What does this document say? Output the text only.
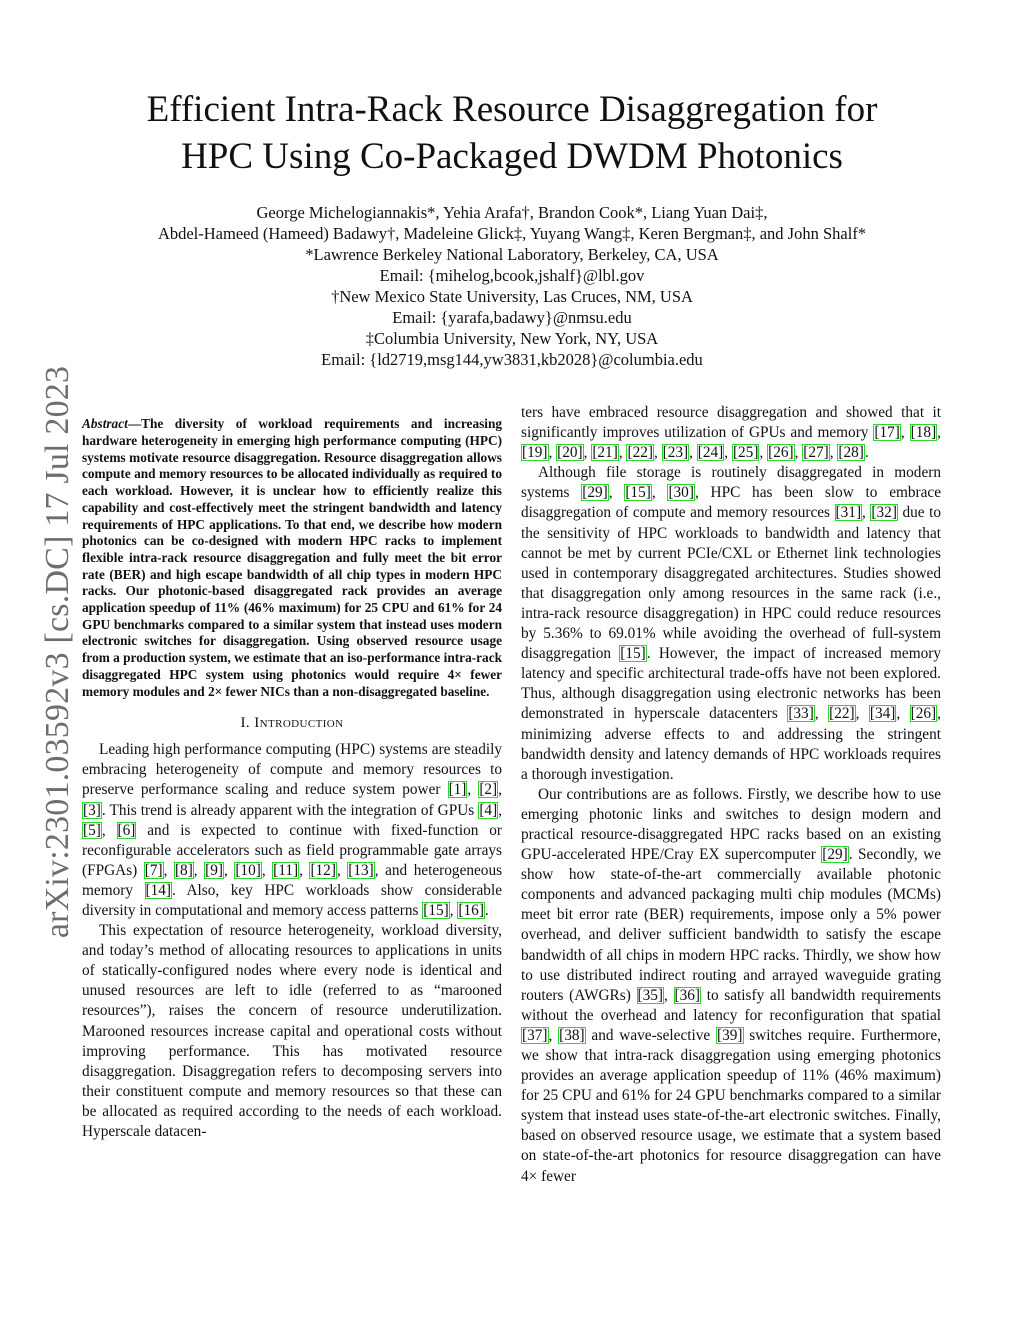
arXiv:2301.03592v3 [cs.DC] 17 Jul 2023
Efficient Intra-Rack Resource Disaggregation for
HPC Using Co-Packaged DWDM Photonics
George Michelogiannakis*, Yehia Arafa†, Brandon Cook*, Liang Yuan Dai‡,
Abdel-Hameed (Hameed) Badawy†, Madeleine Glick‡, Yuyang Wang‡, Keren Bergman‡, and John Shalf*
*Lawrence Berkeley National Laboratory, Berkeley, CA, USA
Email: {mihelog,bcook,jshalf}@lbl.gov
†New Mexico State University, Las Cruces, NM, USA
Email: {yarafa,badawy}@nmsu.edu
‡Columbia University, New York, NY, USA
Email: {ld2719,msg144,yw3831,kb2028}@columbia.edu

Abstract—The diversity of workload requirements and increasing hardware heterogeneity in emerging high performance computing (HPC) systems motivate resource disaggregation. Resource disaggregation allows compute and memory resources to be allocated individually as required to each workload. However, it is unclear how to efficiently realize this capability and cost-effectively meet the stringent bandwidth and latency requirements of HPC applications. To that end, we describe how modern photonics can be co-designed with modern HPC racks to implement flexible intra-rack resource disaggregation and fully meet the bit error rate (BER) and high escape bandwidth of all chip types in modern HPC racks. Our photonic-based disaggregated rack provides an average application speedup of 11% (46% maximum) for 25 CPU and 61% for 24 GPU benchmarks compared to a similar system that instead uses modern electronic switches for disaggregation. Using observed resource usage from a production system, we estimate that an iso-performance intra-rack disaggregated HPC system using photonics would require 4× fewer memory modules and 2× fewer NICs than a non-disaggregated baseline.

I. Introduction

Leading high performance computing (HPC) systems are steadily embracing heterogeneity of compute and memory resources to preserve performance scaling and reduce system power [1], [2], [3]. This trend is already apparent with the integration of GPUs [4], [5], [6] and is expected to continue with fixed-function or reconfigurable accelerators such as field programmable gate arrays (FPGAs) [7], [8], [9], [10], [11], [12], [13], and heterogeneous memory [14]. Also, key HPC workloads show considerable diversity in computational and memory access patterns [15], [16].

This expectation of resource heterogeneity, workload diversity, and today’s method of allocating resources to applications in units of statically-configured nodes where every node is identical and unused resources are left to idle (referred to as “marooned resources”), raises the concern of resource underutilization. Marooned resources increase capital and operational costs without improving performance. This has motivated resource disaggregation. Disaggregation refers to decomposing servers into their constituent compute and memory resources so that these can be allocated as required according to the needs of each workload. Hyperscale datacen-

ters have embraced resource disaggregation and showed that it significantly improves utilization of GPUs and memory [17], [18], [19], [20], [21], [22], [23], [24], [25], [26], [27], [28].

Although file storage is routinely disaggregated in modern systems [29], [15], [30], HPC has been slow to embrace disaggregation of compute and memory resources [31], [32] due to the sensitivity of HPC workloads to bandwidth and latency that cannot be met by current PCIe/CXL or Ethernet link technologies used in contemporary disaggregated architectures. Studies showed that disaggregation only among resources in the same rack (i.e., intra-rack resource disaggregation) in HPC could reduce resources by 5.36% to 69.01% while avoiding the overhead of full-system disaggregation [15]. However, the impact of increased memory latency and specific architectural trade-offs have not been explored. Thus, although disaggregation using electronic networks has been demonstrated in hyperscale datacenters [33], [22], [34], [26], minimizing adverse effects to and addressing the stringent bandwidth density and latency demands of HPC workloads requires a thorough investigation.

Our contributions are as follows. Firstly, we describe how to use emerging photonic links and switches to design modern and practical resource-disaggregated HPC racks based on an existing GPU-accelerated HPE/Cray EX supercomputer [29]. Secondly, we show how state-of-the-art commercially available photonic components and advanced packaging multi chip modules (MCMs) meet bit error rate (BER) requirements, impose only a 5% power overhead, and deliver sufficient bandwidth to satisfy the escape bandwidth of all chips in modern HPC racks. Thirdly, we show how to use distributed indirect routing and arrayed waveguide grating routers (AWGRs) [35], [36] to satisfy all bandwidth requirements without the overhead and latency for reconfiguration that spatial [37], [38] and wave-selective [39] switches require. Furthermore, we show that intra-rack disaggregation using emerging photonics provides an average application speedup of 11% (46% maximum) for 25 CPU and 61% for 24 GPU benchmarks compared to a similar system that instead uses state-of-the-art electronic switches. Finally, based on observed resource usage, we estimate that a system based on state-of-the-art photonics for resource disaggregation can have 4× fewer
